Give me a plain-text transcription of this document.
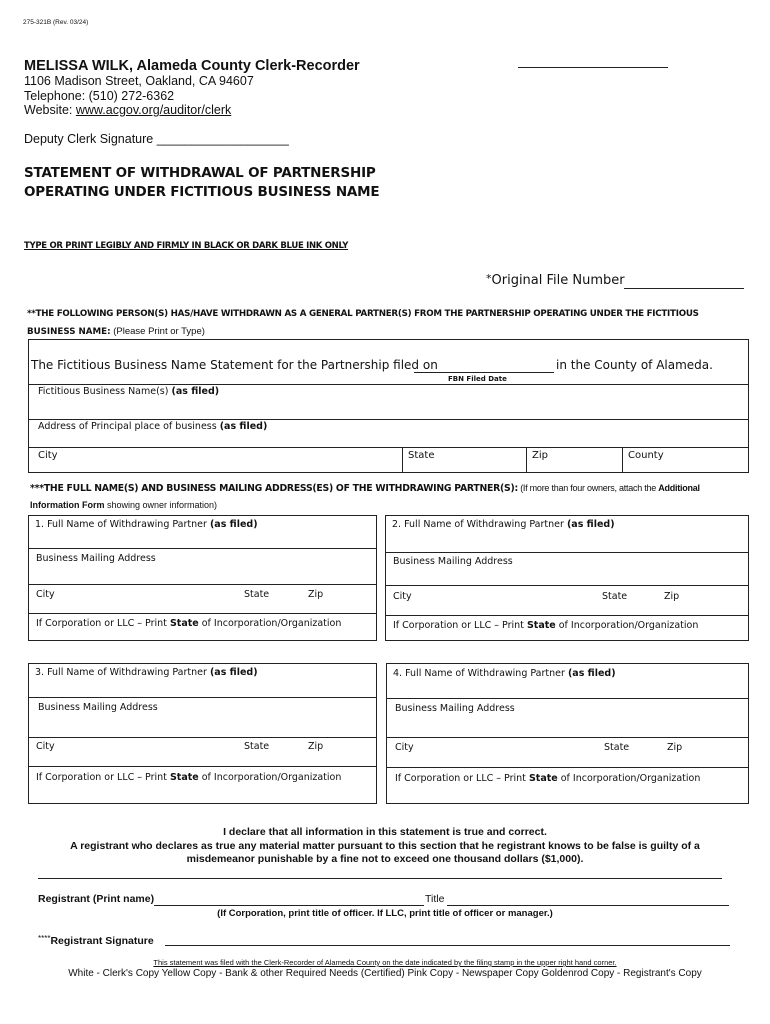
275-321B (Rev. 03/24)
MELISSA WILK, Alameda County Clerk-Recorder
1106 Madison Street, Oakland, CA 94607
Telephone: (510) 272-6362
Website: www.acgov.org/auditor/clerk
Deputy Clerk Signature ___________________
STATEMENT OF WITHDRAWAL OF PARTNERSHIP
OPERATING UNDER FICTITIOUS BUSINESS NAME
TYPE OR PRINT LEGIBLY AND FIRMLY IN BLACK OR DARK BLUE INK ONLY
*Original File Number
**THE FOLLOWING PERSON(S) HAS/HAVE WITHDRAWN AS A GENERAL PARTNER(S) FROM THE PARTNERSHIP OPERATING UNDER THE FICTITIOUS
BUSINESS NAME: (Please Print or Type)
The Fictitious Business Name Statement for the Partnership filed on	in the County of Alameda.
FBN Filed Date
Fictitious Business Name(s) (as filed)
Address of Principal place of business (as filed)
City	State	Zip	County
***THE FULL NAME(S) AND BUSINESS MAILING ADDRESS(ES) OF THE WITHDRAWING PARTNER(S): (If more than four owners, attach the Additional
Information Form showing owner information)
1. Full Name of Withdrawing Partner (as filed)
Business Mailing Address
City	State	Zip
If Corporation or LLC – Print State of Incorporation/Organization
2. Full Name of Withdrawing Partner (as filed)
Business Mailing Address
City	State	Zip
If Corporation or LLC – Print State of Incorporation/Organization
3. Full Name of Withdrawing Partner (as filed)
Business Mailing Address
City	State	Zip
If Corporation or LLC – Print State of Incorporation/Organization
4. Full Name of Withdrawing Partner (as filed)
Business Mailing Address
City	State	Zip
If Corporation or LLC – Print State of Incorporation/Organization
I declare that all information in this statement is true and correct.
A registrant who declares as true any material matter pursuant to this section that he registrant knows to be false is guilty of a
misdemeanor punishable by a fine not to exceed one thousand dollars ($1,000).
Registrant (Print name)	Title
(If Corporation, print title of officer. If LLC, print title of officer or manager.)
****Registrant Signature
This statement was filed with the Clerk-Recorder of Alameda County on the date indicated by the filing stamp in the upper right hand corner.
White - Clerk's Copy Yellow Copy - Bank & other Required Needs (Certified) Pink Copy - Newspaper Copy Goldenrod Copy - Registrant's Copy
